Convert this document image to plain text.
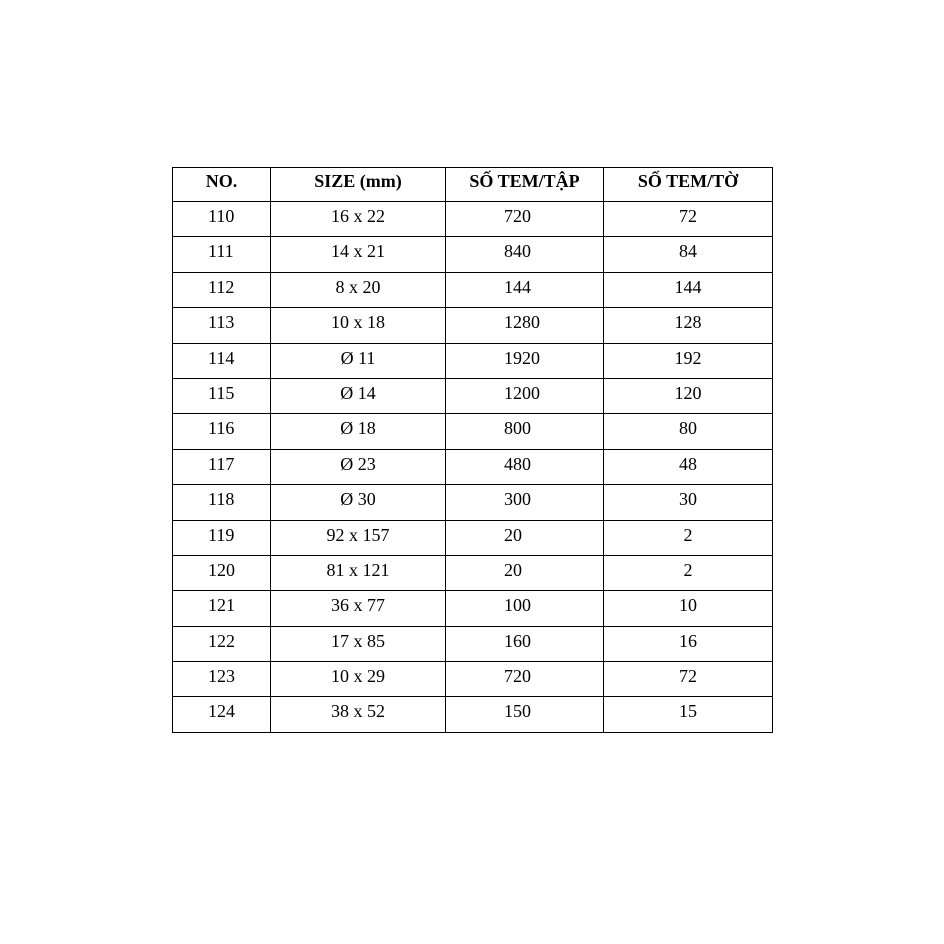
NO.	SIZE (mm)	SỐ TEM/TẬP	SỐ TEM/TỜ
110	16 x 22	720	72
111	14 x 21	840	84
112	8 x 20	144	144
113	10 x 18	1280	128
114	Ø 11	1920	192
115	Ø 14	1200	120
116	Ø 18	800	80
117	Ø 23	480	48
118	Ø 30	300	30
119	92 x 157	20	2
120	81 x 121	20	2
121	36 x 77	100	10
122	17 x 85	160	16
123	10 x 29	720	72
124	38 x 52	150	15
